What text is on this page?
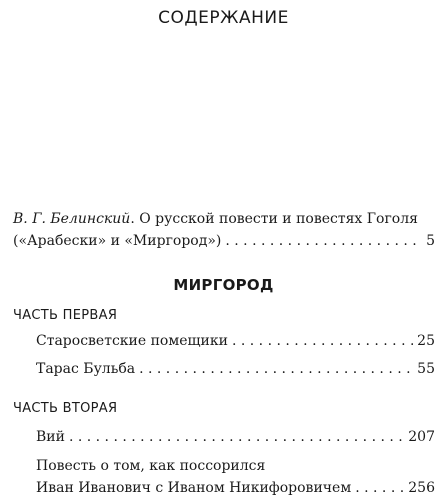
СОДЕРЖАНИЕ
В. Г. Белинский. О русской повести и повестях Гоголя
(«Арабески» и «Миргород») . . .	5
МИРГОРОД
ЧАСТЬ ПЕРВАЯ
Старосветские помещики . . .	25
Тарас Бульба . . .	55
ЧАСТЬ ВТОРАЯ
Вий . . .	207
Повесть о том, как поссорился
Иван Иванович с Иваном Никифоровичем . . .	256
